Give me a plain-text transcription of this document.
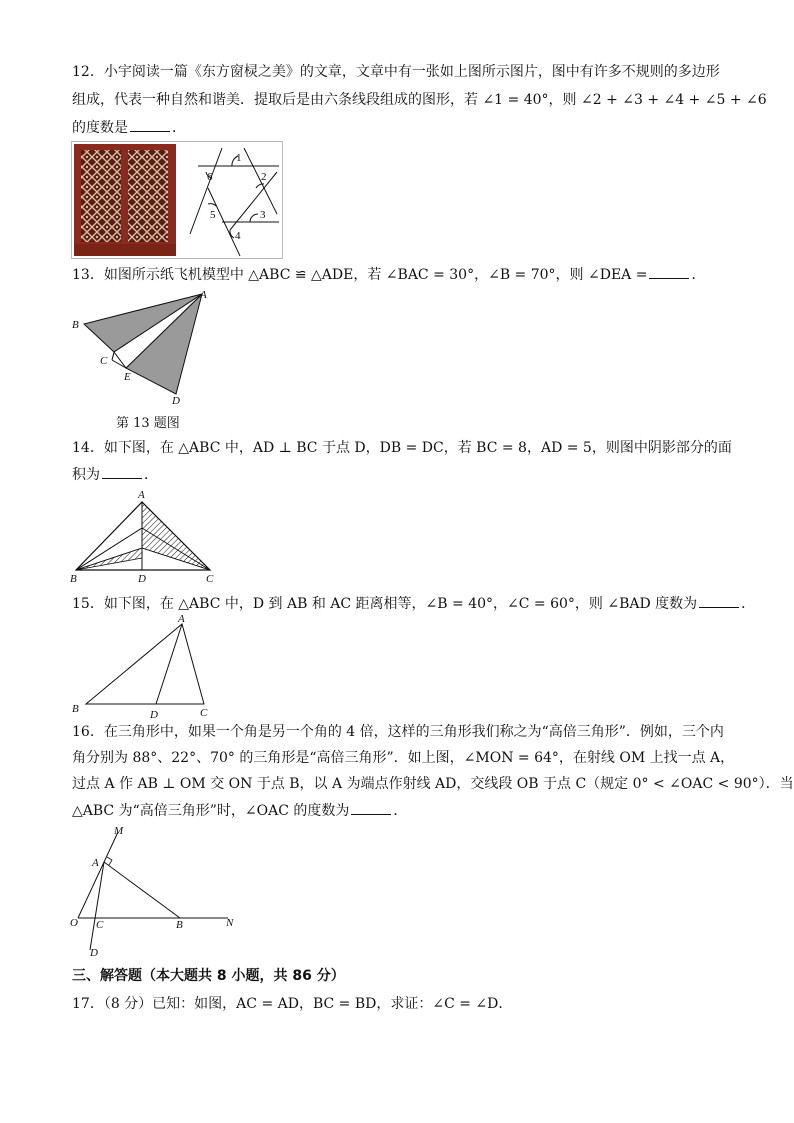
12．小宇阅读一篇《东方窗棂之美》的文章，文章中有一张如上图所示图片，图中有许多不规则的多边形
组成，代表一种自然和谐美．提取后是由六条线段组成的图形，若 ∠1 = 40°，则 ∠2 + ∠3 + ∠4 + ∠5 + ∠6
的度数是	．
1
2
3
4
5
6
13．如图所示纸飞机模型中 △ABC ≌ △ADE，若 ∠BAC = 30°，∠B = 70°，则 ∠DEA =	．
A
B
C
E
D
第 13 题图
14．如下图，在 △ABC 中，AD ⊥ BC 于点 D，DB = DC，若 BC = 8，AD = 5，则图中阴影部分的面
积为	．
A
B	D	C
15．如下图，在 △ABC 中，D 到 AB 和 AC 距离相等，∠B = 40°，∠C = 60°，则 ∠BAD 度数为	．
A
B	D	C
16．在三角形中，如果一个角是另一个角的 4 倍，这样的三角形我们称之为“高倍三角形”．例如，三个内
角分别为 88°、22°、70° 的三角形是“高倍三角形”．如上图，∠MON = 64°，在射线 OM 上找一点 A，
过点 A 作 AB ⊥ OM 交 ON 于点 B，以 A 为端点作射线 AD，交线段 OB 于点 C（规定 0° < ∠OAC < 90°）．当
△ABC 为“高倍三角形”时，∠OAC 的度数为	．
M
A
O C	B	N
D
三、解答题（本大题共 8 小题，共 86 分）
17．（8 分）已知：如图，AC = AD，BC = BD，求证：∠C = ∠D．
